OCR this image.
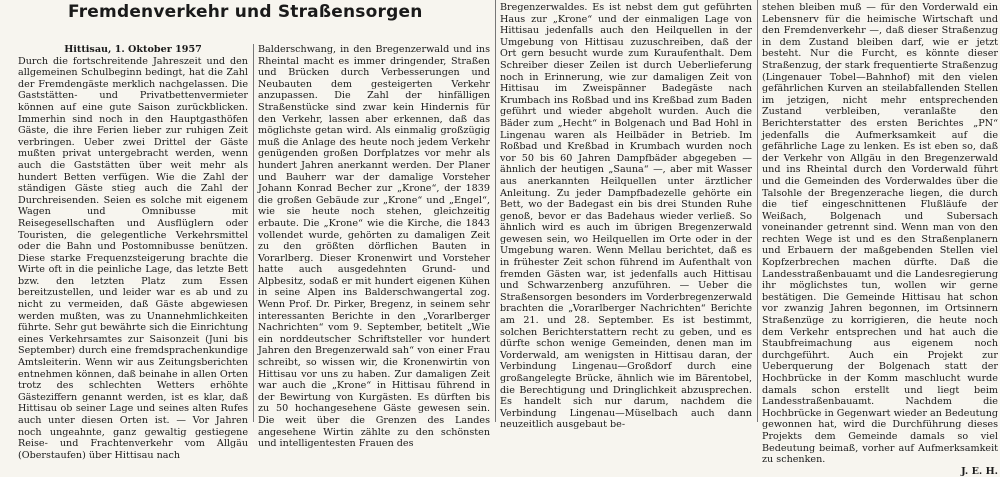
Fremdenverkehr und Straßensorgen

Hittisau, 1. Oktober 1957

Durch die fortschreitende Jahreszeit und den allgemeinen Schulbeginn bedingt, hat die Zahl der Fremdengäste merklich nachgelassen. Die Gaststätten- und Privatbettenvermieter können auf eine gute Saison zurückblicken. Immerhin sind noch in den Hauptgasthöfen Gäste, die ihre Ferien lieber zur ruhigen Zeit verbringen. Ueber zwei Drittel der Gäste mußten privat untergebracht werden, wenn auch die Gaststätten über weit mehr als hundert Betten verfügen. Wie die Zahl der ständigen Gäste stieg auch die Zahl der Durchreisenden. Seien es solche mit eigenem Wagen und Omnibusse mit Reisegesellschaften und Ausflüglern oder Touristen, die gelegentliche Verkehrsmittel oder die Bahn und Postomnibusse benützen. Diese starke Frequenzsteigerung brachte die Wirte oft in die peinliche Lage, das letzte Bett bzw. den letzten Platz zum Essen bereitzustellen, und leider war es ab und zu nicht zu vermeiden, daß Gäste abgewiesen werden mußten, was zu Unannehmlichkeiten führte. Sehr gut bewährte sich die Einrichtung eines Verkehrsamtes zur Saisonzeit (Juni bis September) durch eine fremdsprachenkundige Amtsleiterin. Wenn wir aus Zeitungsberichten entnehmen können, daß beinahe in allen Orten trotz des schlechten Wetters erhöhte Gästeziffern genannt werden, ist es klar, daß Hittisau ob seiner Lage und seines alten Rufes auch unter diesen Orten ist. — Vor Jahren noch ungeahnte, ganz gewaltig gestiegene Reise- und Frachtenverkehr vom Allgäu (Oberstaufen) über Hittisau nach

Balderschwang, in den Bregenzerwald und ins Rheintal macht es immer dringender, Straßen und Brücken durch Verbesserungen und Neubauten dem gesteigerten Verkehr anzupassen. Die Zahl der hinfälligen Straßenstücke sind zwar kein Hindernis für den Verkehr, lassen aber erkennen, daß das möglichste getan wird. Als einmalig großzügig muß die Anlage des heute noch jedem Verkehr genügenden großen Dorfplatzes vor mehr als hundert Jahren anerkannt werden. Der Planer und Bauherr war der damalige Vorsteher Johann Konrad Becher zur „Krone“, der 1839 die großen Gebäude zur „Krone“ und „Engel“, wie sie heute noch stehen, gleichzeitig erbaute. Die „Krone“ wie die Kirche, die 1843 vollendet wurde, gehörten zu damaligen Zeit zu den größten dörflichen Bauten in Vorarlberg. Dieser Kronenwirt und Vorsteher hatte auch ausgedehnten Grund- und Alpbesitz, sodaß er mit hundert eigenen Kühen in seine Alpen ins Balderschwangertal zog. Wenn Prof. Dr. Pirker, Bregenz, in seinem sehr interessanten Berichte in den „Vorarlberger Nachrichten“ vom 9. September, betitelt „Wie ein norddeutscher Schriftsteller vor hundert Jahren den Bregenzerwald sah“ von einer Frau schreibt, so wissen wir, die Kronenwirtin von Hittisau vor uns zu haben. Zur damaligen Zeit war auch die „Krone“ in Hittisau führend in der Bewirtung von Kurgästen. Es dürften bis zu 50 hochangesehene Gäste gewesen sein. Die weit über die Grenzen des Landes angesehene Wirtin zählte zu den schönsten und intelligentesten Frauen des

Bregenzerwaldes. Es ist nebst dem gut geführten Haus zur „Krone“ und der einmaligen Lage von Hittisau jedenfalls auch den Heilquellen in der Umgebung von Hittisau zuzuschreiben, daß der Ort gern besucht wurde zum Kuraufenthalt. Dem Schreiber dieser Zeilen ist durch Ueberlieferung noch in Erinnerung, wie zur damaligen Zeit von Hittisau im Zweispänner Badegäste nach Krumbach ins Roßbad und ins Kreßbad zum Baden geführt und wieder abgeholt wurden. Auch die Bäder zum „Hecht“ in Bolgenach und Bad Hohl in Lingenau waren als Heilbäder in Betrieb. Im Roßbad und Kreßbad in Krumbach wurden noch vor 50 bis 60 Jahren Dampfbäder abgegeben — ähnlich der heutigen „Sauna“ —, aber mit Wasser aus anerkannten Heilquellen unter ärztlicher Anleitung. Zu jeder Dampfbadezelle gehörte ein Bett, wo der Badegast ein bis drei Stunden Ruhe genoß, bevor er das Badehaus wieder verließ. So ähnlich wird es auch im übrigen Bregenzerwald gewesen sein, wo Heilquellen im Orte oder in der Umgebung waren. Wenn Mellau berichtet, daß es in frühester Zeit schon führend im Aufenthalt von fremden Gästen war, ist jedenfalls auch Hittisau und Schwarzenberg anzuführen. — Ueber die Straßensorgen besonders im Vorderbregenzerwald brachten die „Vorarlberger Nachrichten“ Berichte am 21. und 28. September. Es ist bestimmt, solchen Berichterstattern recht zu geben, und es dürfte schon wenige Gemeinden, denen man im Vorderwald, am wenigsten in Hittisau daran, der Verbindung Lingenau—Großdorf durch eine großangelegte Brücke, ähnlich wie im Bärentobel, die Berechtigung und Dringlichkeit abzusprechen. Es handelt sich nur darum, nachdem die Verbindung Lingenau—Müselbach auch dann neuzeitlich ausgebaut be-

stehen bleiben muß — für den Vorderwald ein Lebensnerv für die heimische Wirtschaft und den Fremdenverkehr —, daß dieser Straßenzug in dem Zustand bleiben darf, wie er jetzt besteht. Nur die Furcht, es könnte dieser Straßenzug, der stark frequentierte Straßenzug (Lingenauer Tobel—Bahnhof) mit den vielen gefährlichen Kurven an steilabfallenden Stellen im jetzigen, nicht mehr entsprechenden Zustand verbleiben, veranlaßte den Berichterstatter des ersten Berichtes „PN“ jedenfalls die Aufmerksamkeit auf die gefährliche Lage zu lenken. Es ist eben so, daß der Verkehr von Allgäu in den Bregenzerwald und ins Rheintal durch den Vorderwald führt und die Gemeinden des Vorderwaldes über die Talsohle der Bregenzerache liegen, die durch die tief eingeschnittenen Flußläufe der Weißach, Bolgenach und Subersach voneinander getrennt sind. Wenn man von den rechten Wege ist und es den Straßenplanern und Erbauern der maßgebenden Stellen viel Kopfzerbrechen machen dürfte. Daß die Landesstraßenbauamt und die Landesregierung ihr möglichstes tun, wollen wir gerne bestätigen. Die Gemeinde Hittisau hat schon vor zwanzig Jahren begonnen, im Ortsinnern Straßenzüge zu korrigieren, die heute noch dem Verkehr entsprechen und hat auch die Staubfreimachung aus eigenem noch durchgeführt. Auch ein Projekt zur Ueberquerung der Bolgenach statt der Hochbrücke in der Komm maschlucht wurde damals schon erstellt und liegt beim Landesstraßenbauamt. Nachdem die Hochbrücke in Gegenwart wieder an Bedeutung gewonnen hat, wird die Durchführung dieses Projekts dem Gemeinde damals so viel Bedeutung beimaß, vorher auf Aufmerksamkeit zu schenken.

J. E. H.
